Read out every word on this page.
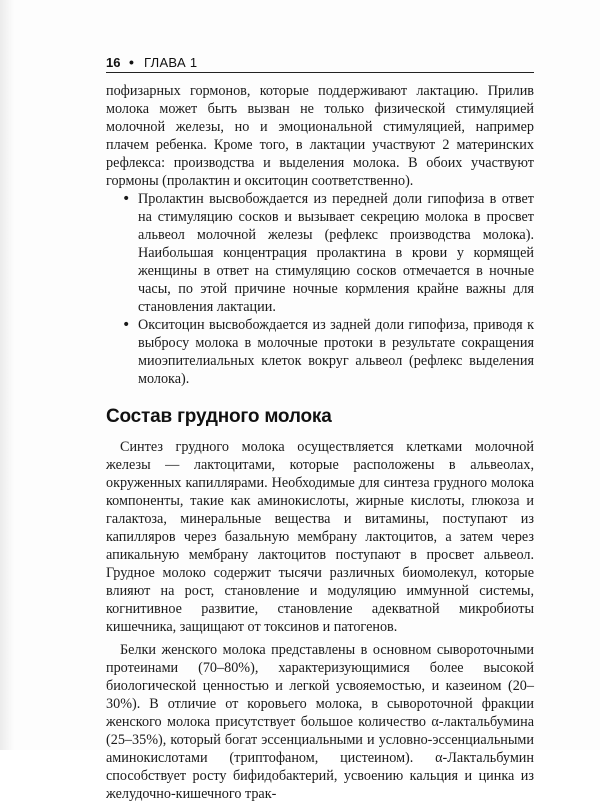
16 • ГЛАВА 1

пофизарных гормонов, которые поддерживают лактацию. Прилив молока может быть вызван не только физической стимуляцией молочной железы, но и эмоциональной стимуляцией, например плачем ребенка. Кроме того, в лактации участвуют 2 материнских рефлекса: производства и выделения молока. В обоих участвуют гормоны (пролактин и окситоцин соответственно).

• Пролактин высвобождается из передней доли гипофиза в ответ на стимуляцию сосков и вызывает секрецию молока в просвет альвеол молочной железы (рефлекс производства молока). Наибольшая концентрация пролактина в крови у кормящей женщины в ответ на стимуляцию сосков отмечается в ночные часы, по этой причине ночные кормления крайне важны для становления лактации.
• Окситоцин высвобождается из задней доли гипофиза, приводя к выбросу молока в молочные протоки в результате сокращения миоэпителиальных клеток вокруг альвеол (рефлекс выделения молока).
Состав грудного молока

Синтез грудного молока осуществляется клетками молочной железы — лактоцитами, которые расположены в альвеолах, окруженных капиллярами. Необходимые для синтеза грудного молока компоненты, такие как аминокислоты, жирные кислоты, глюкоза и галактоза, минеральные вещества и витамины, поступают из капилляров через базальную мембрану лактоцитов, а затем через апикальную мембрану лактоцитов поступают в просвет альвеол. Грудное молоко содержит тысячи различных биомолекул, которые влияют на рост, становление и модуляцию иммунной системы, когнитивное развитие, становление адекватной микробиоты кишечника, защищают от токсинов и патогенов.

Белки женского молока представлены в основном сывороточными протеинами (70–80%), характеризующимися более высокой биологической ценностью и легкой усвояемостью, и казеином (20–30%). В отличие от коровьего молока, в сывороточной фракции женского молока присутствует большое количество α-лактальбумина (25–35%), который богат эссенциальными и условно-эссенциальными аминокислотами (триптофаном, цистеином). α-Лактальбумин способствует росту бифидобактерий, усвоению кальция и цинка из желудочно-кишечного трак-
